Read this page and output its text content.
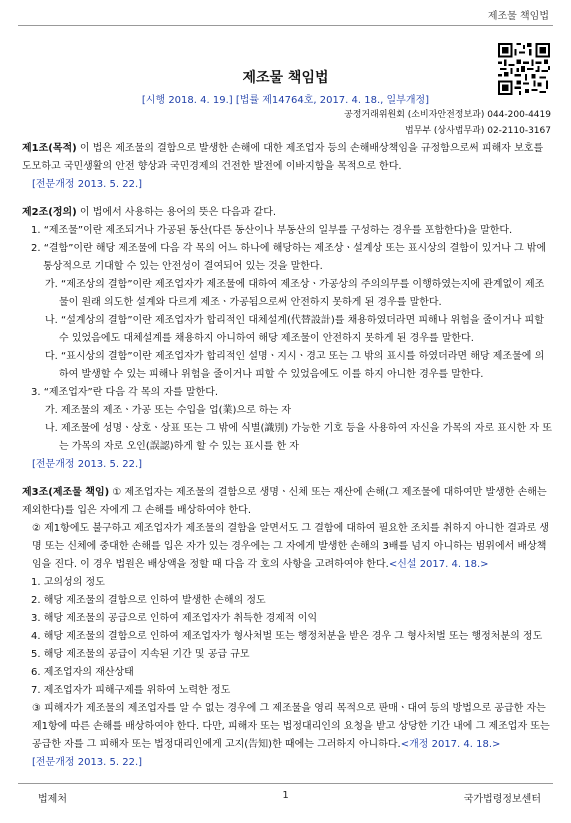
제조물 책임법
제조물 책임법
[시행 2018. 4. 19.] [법률 제14764호, 2017. 4. 18., 일부개정]
공정거래위원회 (소비자안전정보과) 044-200-4419
법무부 (상사법무과) 02-2110-3167

제1조(목적) 이 법은 제조물의 결함으로 발생한 손해에 대한 제조업자 등의 손해배상책임을 규정함으로써 피해자 보호를 도모하고 국민생활의 안전 향상과 국민경제의 건전한 발전에 이바지함을 목적으로 한다.

[전문개정 2013. 5. 22.]

제2조(정의) 이 법에서 사용하는 용어의 뜻은 다음과 같다.

1. “제조물”이란 제조되거나 가공된 동산(다른 동산이나 부동산의 일부를 구성하는 경우를 포함한다)을 말한다.

2. “결함”이란 해당 제조물에 다음 각 목의 어느 하나에 해당하는 제조상ㆍ설계상 또는 표시상의 결함이 있거나 그 밖에 통상적으로 기대할 수 있는 안전성이 결여되어 있는 것을 말한다.

가. “제조상의 결함”이란 제조업자가 제조물에 대하여 제조상ㆍ가공상의 주의의무를 이행하였는지에 관계없이 제조물이 원래 의도한 설계와 다르게 제조ㆍ가공됨으로써 안전하지 못하게 된 경우를 말한다.

나. “설계상의 결함”이란 제조업자가 합리적인 대체설계(代替設計)를 채용하였더라면 피해나 위험을 줄이거나 피할 수 있었음에도 대체설계를 채용하지 아니하여 해당 제조물이 안전하지 못하게 된 경우를 말한다.

다. “표시상의 결함”이란 제조업자가 합리적인 설명ㆍ지시ㆍ경고 또는 그 밖의 표시를 하였더라면 해당 제조물에 의하여 발생할 수 있는 피해나 위험을 줄이거나 피할 수 있었음에도 이를 하지 아니한 경우를 말한다.

3. “제조업자”란 다음 각 목의 자를 말한다.

가. 제조물의 제조ㆍ가공 또는 수입을 업(業)으로 하는 자

나. 제조물에 성명ㆍ상호ㆍ상표 또는 그 밖에 식별(識別) 가능한 기호 등을 사용하여 자신을 가목의 자로 표시한 자 또는 가목의 자로 오인(誤認)하게 할 수 있는 표시를 한 자

[전문개정 2013. 5. 22.]

제3조(제조물 책임) ① 제조업자는 제조물의 결함으로 생명ㆍ신체 또는 재산에 손해(그 제조물에 대하여만 발생한 손해는 제외한다)를 입은 자에게 그 손해를 배상하여야 한다.

② 제1항에도 불구하고 제조업자가 제조물의 결함을 알면서도 그 결함에 대하여 필요한 조치를 취하지 아니한 결과로 생명 또는 신체에 중대한 손해를 입은 자가 있는 경우에는 그 자에게 발생한 손해의 3배를 넘지 아니하는 범위에서 배상책임을 진다. 이 경우 법원은 배상액을 정할 때 다음 각 호의 사항을 고려하여야 한다.<신설 2017. 4. 18.>

1. 고의성의 정도

2. 해당 제조물의 결함으로 인하여 발생한 손해의 정도

3. 해당 제조물의 공급으로 인하여 제조업자가 취득한 경제적 이익

4. 해당 제조물의 결함으로 인하여 제조업자가 형사처벌 또는 행정처분을 받은 경우 그 형사처벌 또는 행정처분의 정도

5. 해당 제조물의 공급이 지속된 기간 및 공급 규모

6. 제조업자의 재산상태

7. 제조업자가 피해구제를 위하여 노력한 정도

③ 피해자가 제조물의 제조업자를 알 수 없는 경우에 그 제조물을 영리 목적으로 판매ㆍ대여 등의 방법으로 공급한 자는 제1항에 따른 손해를 배상하여야 한다. 다만, 피해자 또는 법정대리인의 요청을 받고 상당한 기간 내에 그 제조업자 또는 공급한 자를 그 피해자 또는 법정대리인에게 고지(告知)한 때에는 그러하지 아니하다.<개정 2017. 4. 18.>

[전문개정 2013. 5. 22.]

법제처	1	국가법령정보센터
